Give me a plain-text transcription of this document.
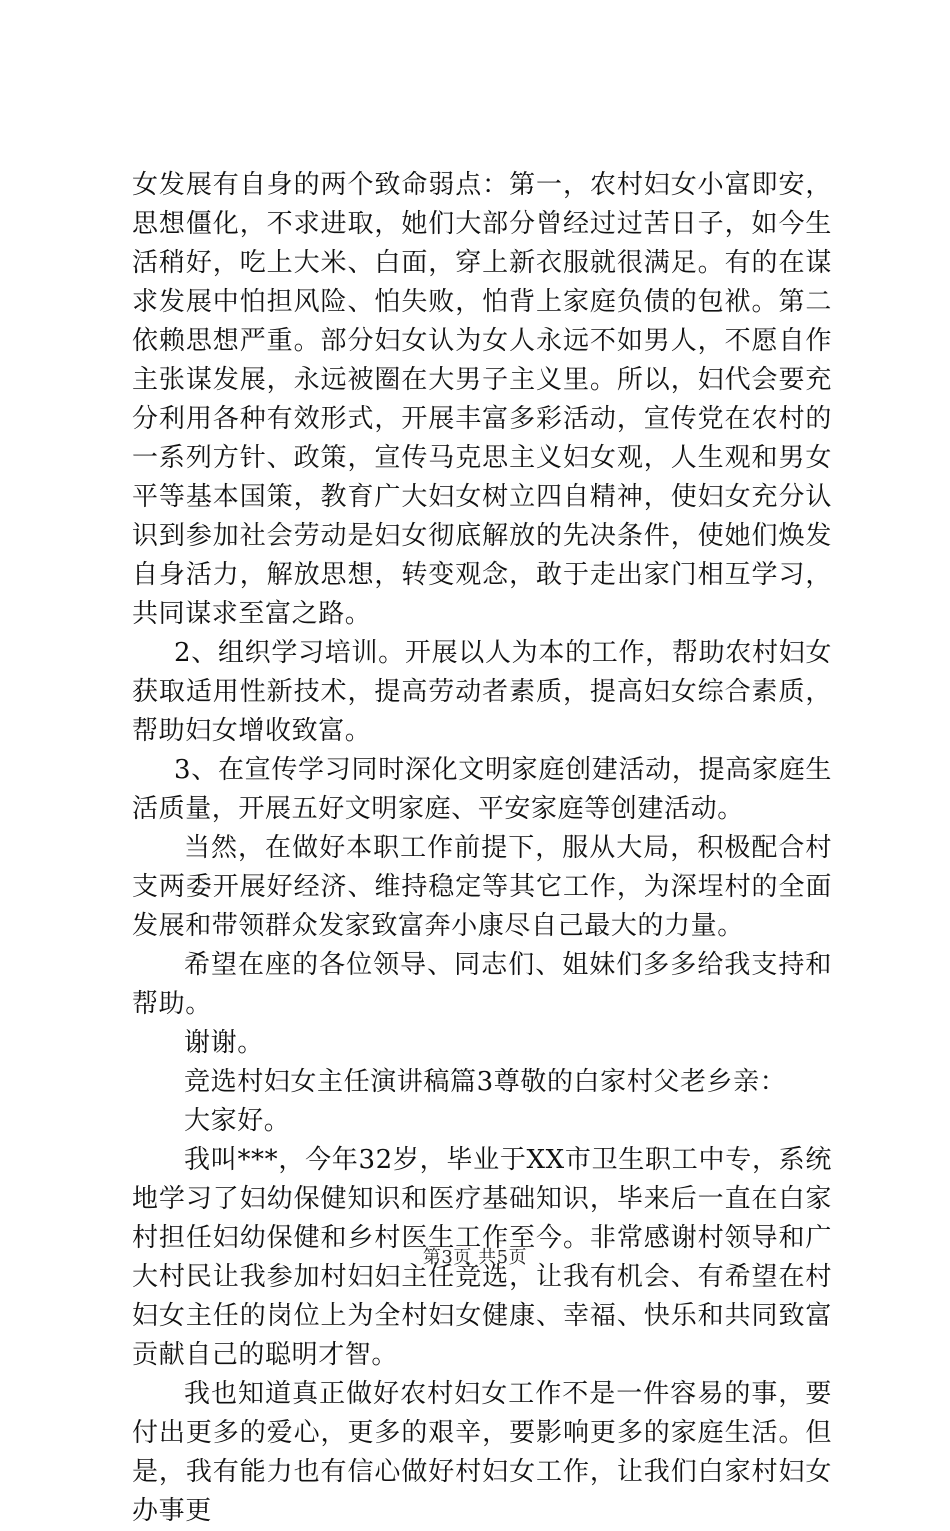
女发展有自身的两个致命弱点：第一，农村妇女小富即安，思想僵化，不求进取，她们大部分曾经过过苦日子，如今生活稍好，吃上大米、白面，穿上新衣服就很满足。有的在谋求发展中怕担风险、怕失败，怕背上家庭负债的包袱。第二依赖思想严重。部分妇女认为女人永远不如男人，不愿自作主张谋发展，永远被圈在大男子主义里。所以，妇代会要充分利用各种有效形式，开展丰富多彩活动，宣传党在农村的一系列方针、政策，宣传马克思主义妇女观，人生观和男女平等基本国策，教育广大妇女树立四自精神，使妇女充分认识到参加社会劳动是妇女彻底解放的先决条件，使她们焕发自身活力，解放思想，转变观念，敢于走出家门相互学习，共同谋求至富之路。

2、组织学习培训。开展以人为本的工作，帮助农村妇女获取适用性新技术，提高劳动者素质，提高妇女综合素质，帮助妇女增收致富。

3、在宣传学习同时深化文明家庭创建活动，提高家庭生活质量，开展五好文明家庭、平安家庭等创建活动。

当然，在做好本职工作前提下，服从大局，积极配合村支两委开展好经济、维持稳定等其它工作，为深埕村的全面发展和带领群众发家致富奔小康尽自己最大的力量。

希望在座的各位领导、同志们、姐妹们多多给我支持和帮助。

谢谢。

竞选村妇女主任演讲稿篇3尊敬的白家村父老乡亲：

大家好。

我叫***，今年32岁，毕业于XX市卫生职工中专，系统地学习了妇幼保健知识和医疗基础知识，毕来后一直在白家村担任妇幼保健和乡村医生工作至今。非常感谢村领导和广大村民让我参加村妇妇主任竞选，让我有机会、有希望在村妇女主任的岗位上为全村妇女健康、幸福、快乐和共同致富贡献自己的聪明才智。

我也知道真正做好农村妇女工作不是一件容易的事，要付出更多的爱心，更多的艰辛，要影响更多的家庭生活。但是，我有能力也有信心做好村妇女工作，让我们白家村妇女办事更

第3页 共5页
